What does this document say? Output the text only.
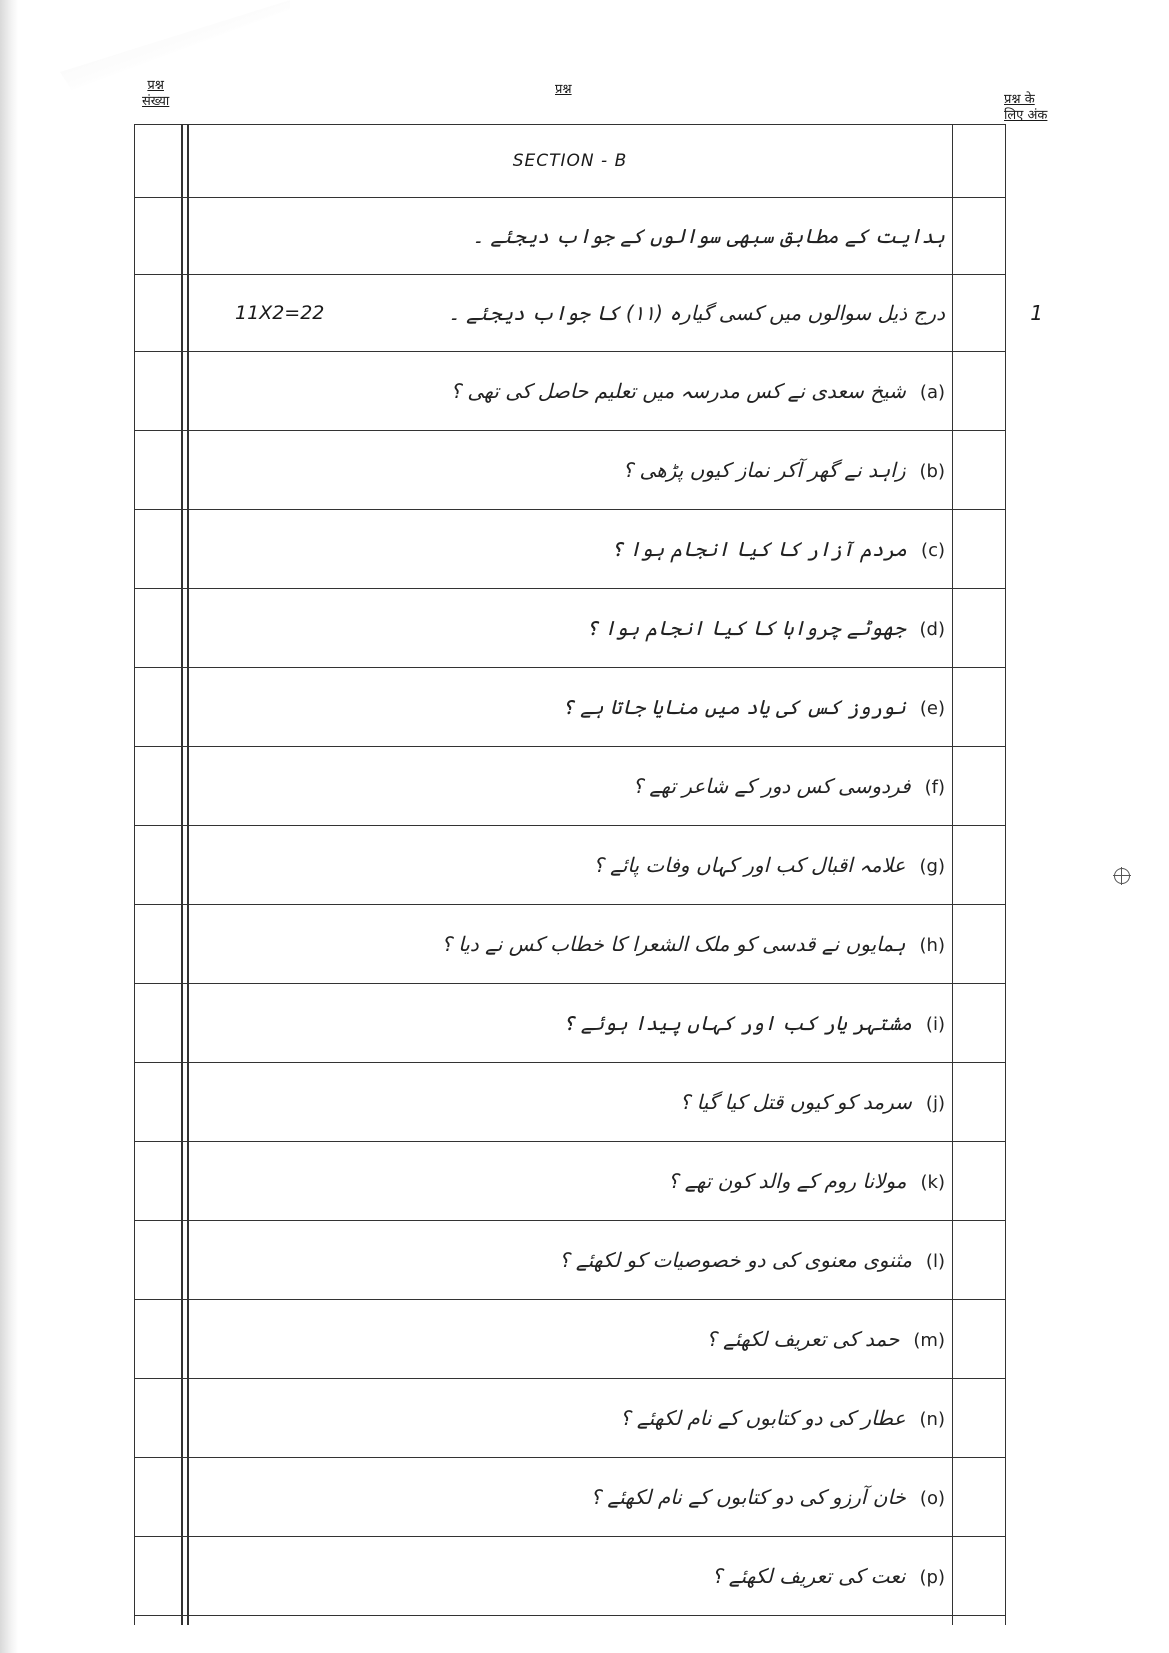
प्रश्न
संख्या
प्रश्न
प्रश्न के
लिए अंक
SECTION - B
ہدایت کے مطابق سبھی سوالوں کے جواب دیجئے ۔
11X2=22	درج ذیل سوالوں میں کسی گیارہ (۱۱) کا جواب دیجئے ۔	1
(a)شیخ سعدی نے کس مدرسہ میں تعلیم حاصل کی تھی ؟
(b)زاہد نے گھر آکر نماز کیوں پڑھی ؟
(c)مردم آزار کا کیا انجام ہوا ؟
(d)جھوٹے چرواہا کا کیا انجام ہوا ؟
(e)نوروز کس کی یاد میں منایا جاتا ہے ؟
(f)فردوسی کس دور کے شاعر تھے ؟
(g)علامہ اقبال کب اور کہاں وفات پائے ؟
(h)ہمایوں نے قدسی کو ملک الشعرا کا خطاب کس نے دیا ؟
(i)مشتہر یار کب اور کہاں پیدا ہوئے ؟
(j)سرمد کو کیوں قتل کیا گیا ؟
(k)مولانا روم کے والد کون تھے ؟
(l)مثنوی معنوی کی دو خصوصیات کو لکھئے ؟
(m)حمد کی تعریف لکھئے ؟
(n)عطار کی دو کتابوں کے نام لکھئے ؟
(o)خان آرزو کی دو کتابوں کے نام لکھئے ؟
(p)نعت کی تعریف لکھئے ؟
